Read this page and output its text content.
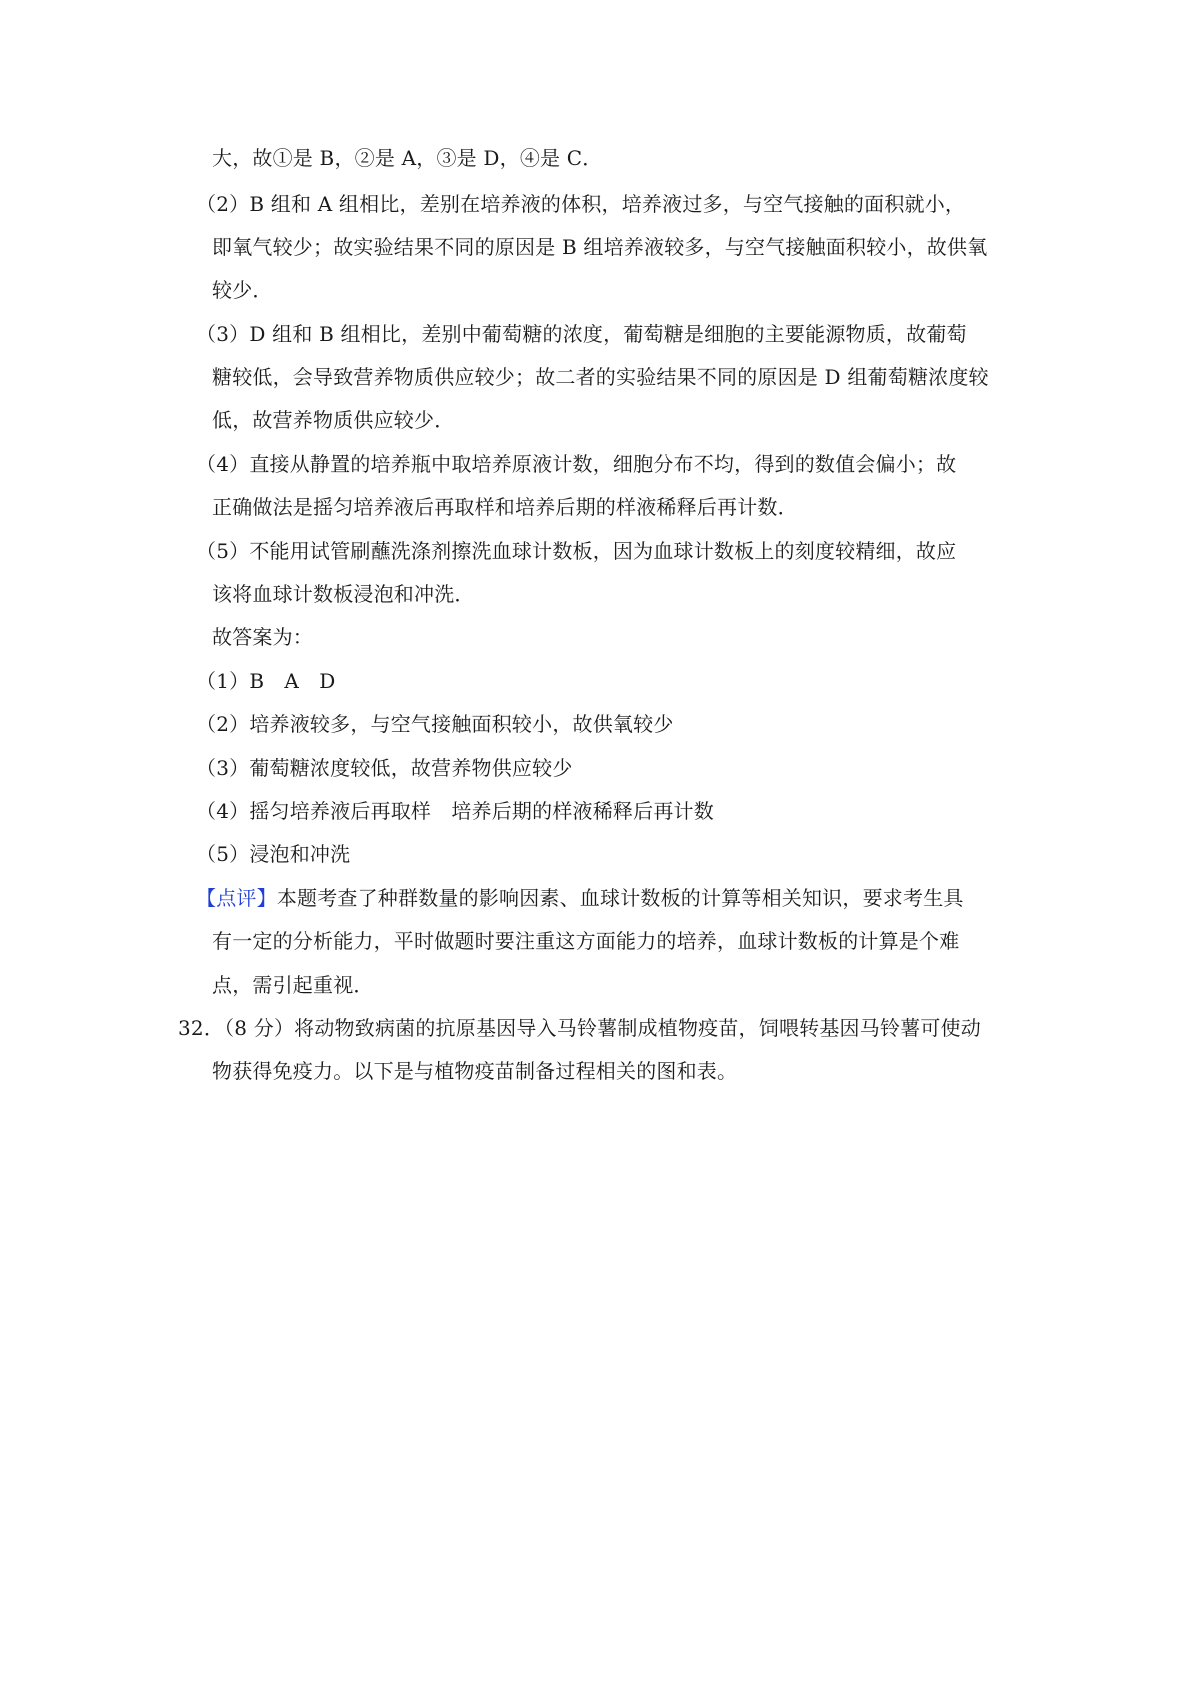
大，故①是 B，②是 A，③是 D，④是 C．
（2）B 组和 A 组相比，差别在培养液的体积，培养液过多，与空气接触的面积就小，
即氧气较少；故实验结果不同的原因是 B 组培养液较多，与空气接触面积较小，故供氧
较少．
（3）D 组和 B 组相比，差别中葡萄糖的浓度，葡萄糖是细胞的主要能源物质，故葡萄
糖较低，会导致营养物质供应较少；故二者的实验结果不同的原因是 D 组葡萄糖浓度较
低，故营养物质供应较少．
（4）直接从静置的培养瓶中取培养原液计数，细胞分布不均，得到的数值会偏小；故
正确做法是摇匀培养液后再取样和培养后期的样液稀释后再计数．
（5）不能用试管刷蘸洗涤剂擦洗血球计数板，因为血球计数板上的刻度较精细，故应
该将血球计数板浸泡和冲洗．
故答案为：
（1）B　A　D
（2）培养液较多，与空气接触面积较小，故供氧较少
（3）葡萄糖浓度较低，故营养物供应较少
（4）摇匀培养液后再取样　培养后期的样液稀释后再计数
（5）浸泡和冲洗
【点评】本题考查了种群数量的影响因素、血球计数板的计算等相关知识，要求考生具
有一定的分析能力，平时做题时要注重这方面能力的培养，血球计数板的计算是个难
点，需引起重视．
32．（8 分）将动物致病菌的抗原基因导入马铃薯制成植物疫苗，饲喂转基因马铃薯可使动
物获得免疫力。以下是与植物疫苗制备过程相关的图和表。
